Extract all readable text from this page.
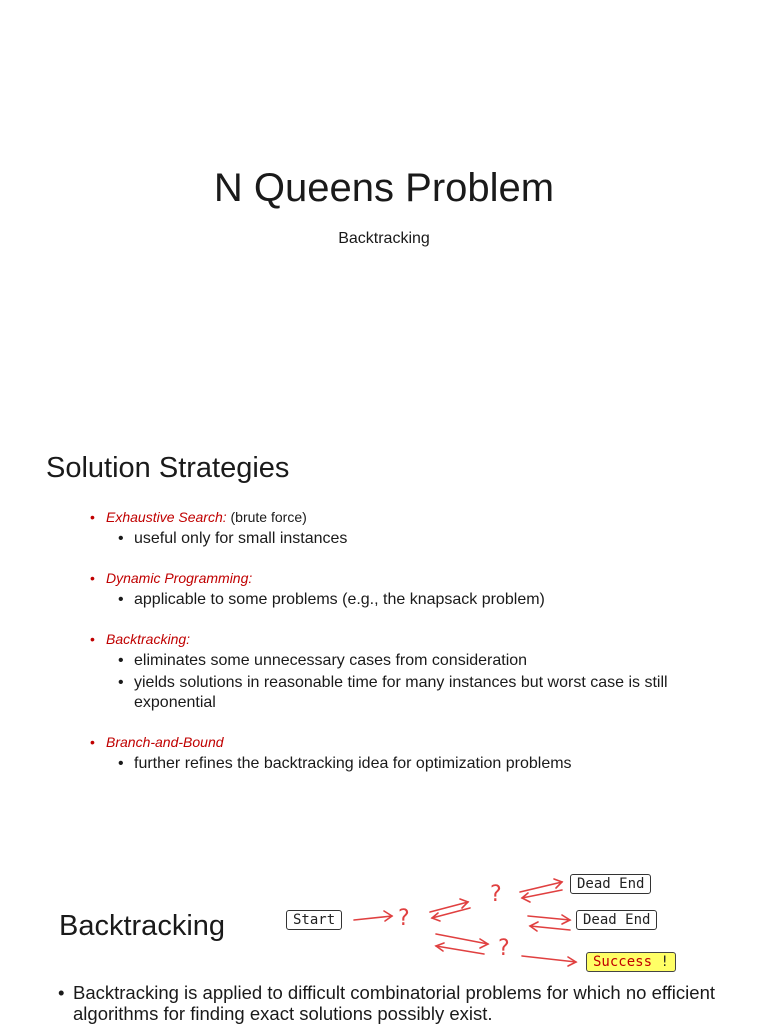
N Queens Problem
Backtracking
Solution Strategies
• Exhaustive Search: (brute force)
• useful only for small instances
• Dynamic Programming:
• applicable to some problems (e.g., the knapsack problem)
• Backtracking:
• eliminates some unnecessary cases from consideration
• yields solutions in reasonable time for many instances but worst case is still exponential
• Branch-and-Bound
• further refines the backtracking idea for optimization problems
Backtracking	Start	?
?
?
Dead End
Dead End
Success !
• Backtracking is applied to difficult combinatorial problems for which no efficient algorithms for finding exact solutions possibly exist.
